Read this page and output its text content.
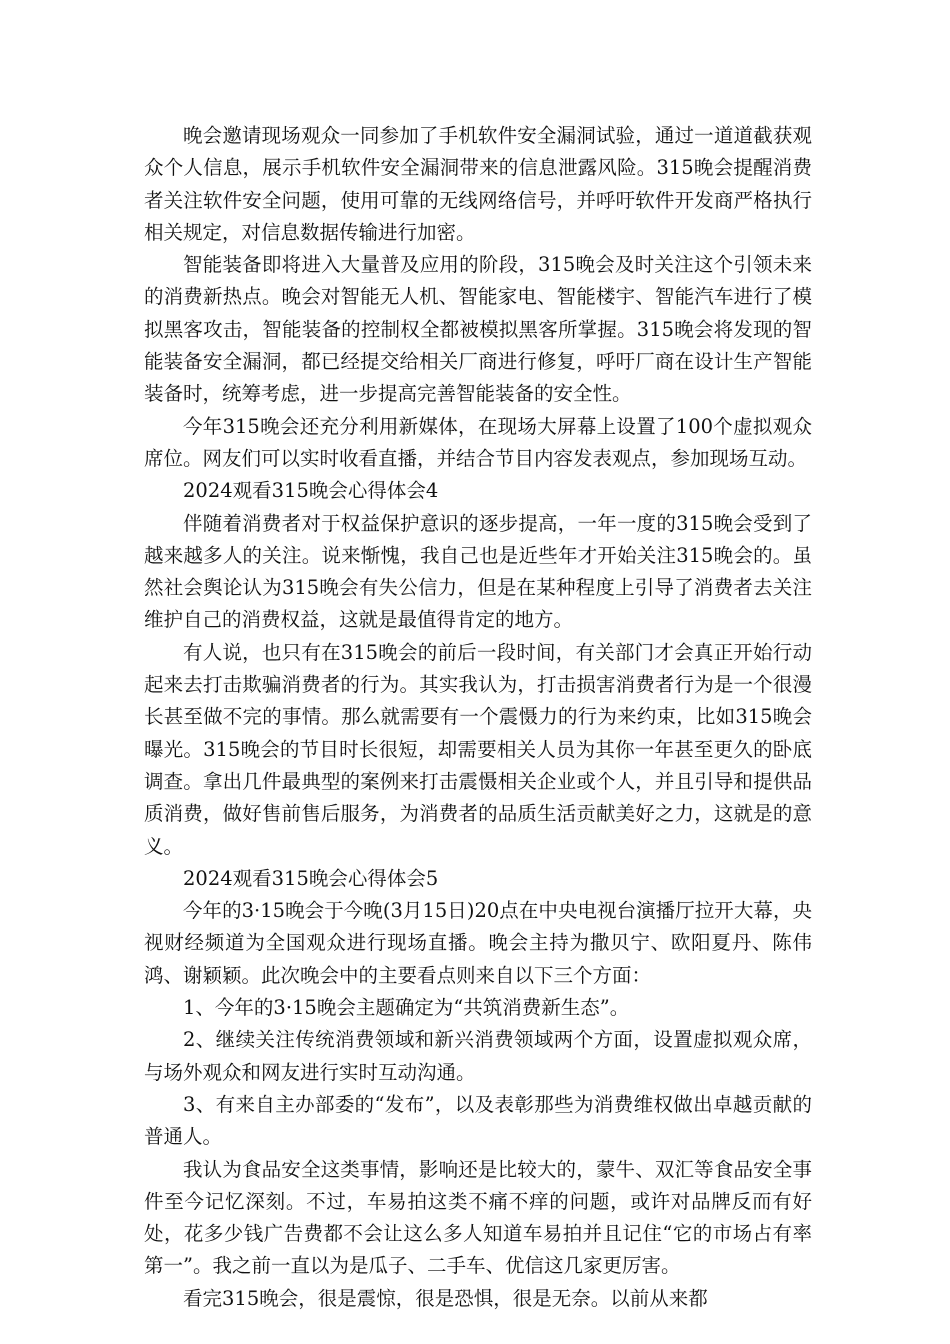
晚会邀请现场观众一同参加了手机软件安全漏洞试验，通过一道道截获观众个人信息，展示手机软件安全漏洞带来的信息泄露风险。315晚会提醒消费者关注软件安全问题，使用可靠的无线网络信号，并呼吁软件开发商严格执行相关规定，对信息数据传输进行加密。

智能装备即将进入大量普及应用的阶段，315晚会及时关注这个引领未来的消费新热点。晚会对智能无人机、智能家电、智能楼宇、智能汽车进行了模拟黑客攻击，智能装备的控制权全都被模拟黑客所掌握。315晚会将发现的智能装备安全漏洞，都已经提交给相关厂商进行修复，呼吁厂商在设计生产智能装备时，统筹考虑，进一步提高完善智能装备的安全性。

今年315晚会还充分利用新媒体，在现场大屏幕上设置了100个虚拟观众席位。网友们可以实时收看直播，并结合节目内容发表观点，参加现场互动。

2024观看315晚会心得体会4

伴随着消费者对于权益保护意识的逐步提高，一年一度的315晚会受到了越来越多人的关注。说来惭愧，我自己也是近些年才开始关注315晚会的。虽然社会舆论认为315晚会有失公信力，但是在某种程度上引导了消费者去关注维护自己的消费权益，这就是最值得肯定的地方。

有人说，也只有在315晚会的前后一段时间，有关部门才会真正开始行动起来去打击欺骗消费者的行为。其实我认为，打击损害消费者行为是一个很漫长甚至做不完的事情。那么就需要有一个震慑力的行为来约束，比如315晚会曝光。315晚会的节目时长很短，却需要相关人员为其你一年甚至更久的卧底调查。拿出几件最典型的案例来打击震慑相关企业或个人，并且引导和提供品质消费，做好售前售后服务，为消费者的品质生活贡献美好之力，这就是的意义。

2024观看315晚会心得体会5

今年的3·15晚会于今晚(3月15日)20点在中央电视台演播厅拉开大幕，央视财经频道为全国观众进行现场直播。晚会主持为撒贝宁、欧阳夏丹、陈伟鸿、谢颖颖。此次晚会中的主要看点则来自以下三个方面：

1、今年的3·15晚会主题确定为“共筑消费新生态”。

2、继续关注传统消费领域和新兴消费领域两个方面，设置虚拟观众席，与场外观众和网友进行实时互动沟通。

3、有来自主办部委的“发布”，以及表彰那些为消费维权做出卓越贡献的普通人。

我认为食品安全这类事情，影响还是比较大的，蒙牛、双汇等食品安全事件至今记忆深刻。不过，车易拍这类不痛不痒的问题，或许对品牌反而有好处，花多少钱广告费都不会让这么多人知道车易拍并且记住“它的市场占有率第一”。我之前一直以为是瓜子、二手车、优信这几家更厉害。

看完315晚会，很是震惊，很是恐惧，很是无奈。以前从来都
